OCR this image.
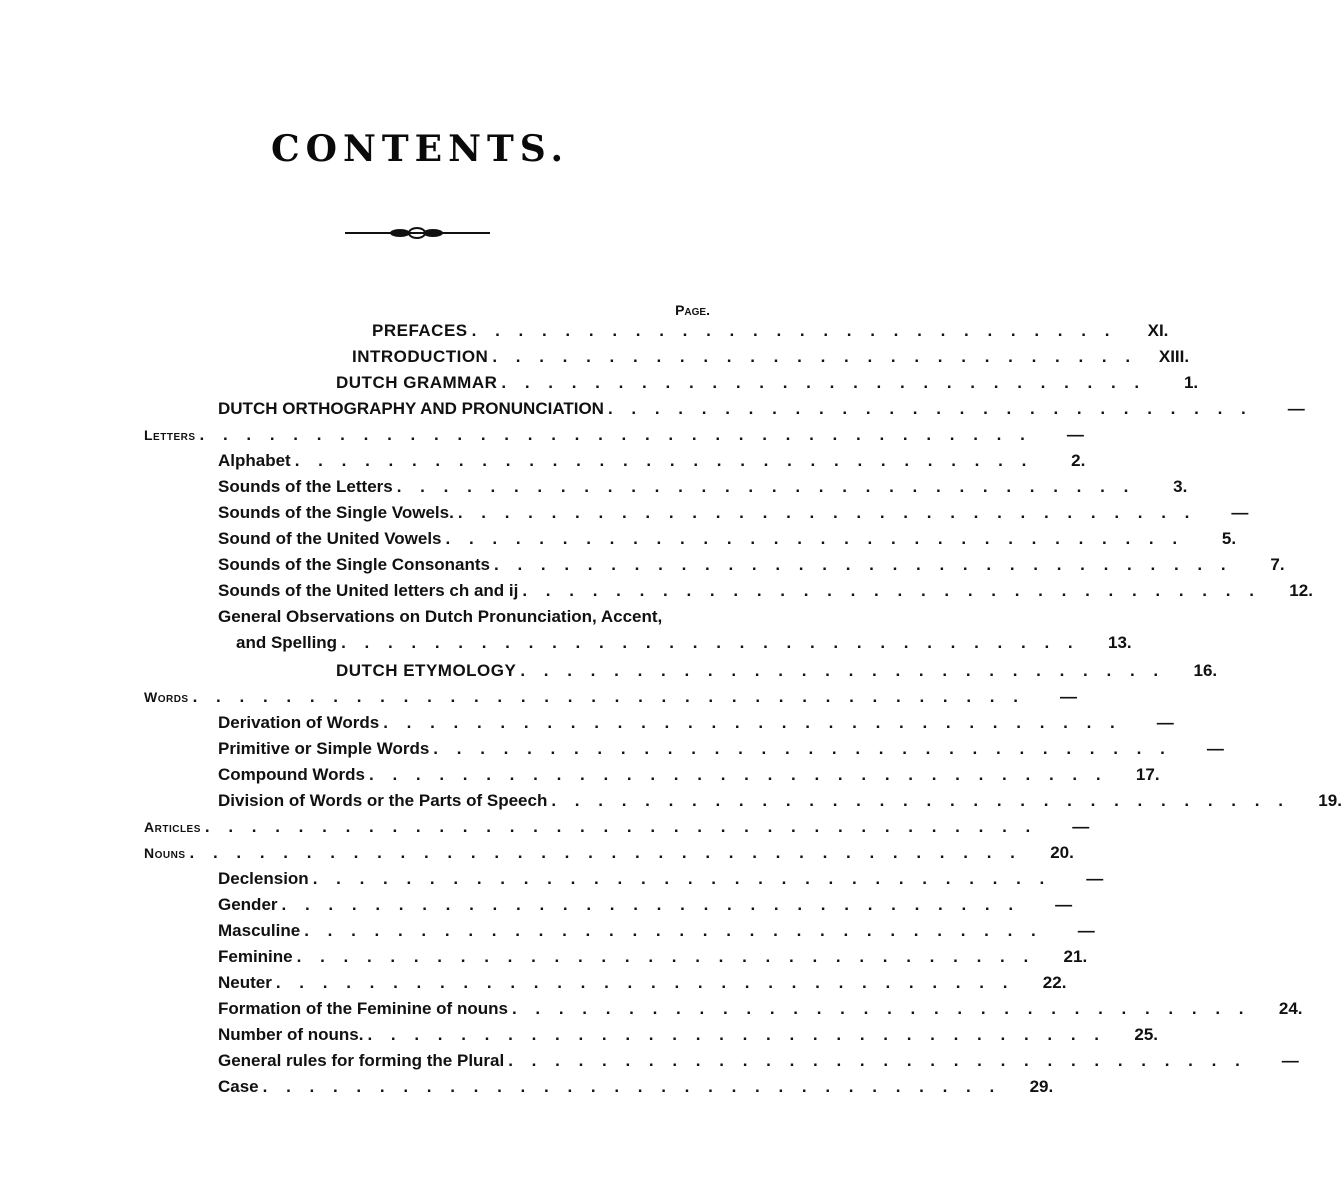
CONTENTS.
Page.
PREFACES . . . . . . . . . . . . . . . . . . . . . . . . . . . .	XI.
INTRODUCTION . . . . . . . . . . . . . . . . . . . . . . . . . . . .	XIII.
DUTCH GRAMMAR . . . . . . . . . . . . . . . . . . . . . . . . . . . .	1.
DUTCH ORTHOGRAPHY AND PRONUNCIATION . . . . . . . . . . . . . . . . . . . . . . . . . . . .	—
Letters . . . . . . . . . . . . . . . . . . . . . . . . . . . . . . . . . . . .	—
Alphabet . . . . . . . . . . . . . . . . . . . . . . . . . . . . . . . .	2.
Sounds of the Letters . . . . . . . . . . . . . . . . . . . . . . . . . . . . . . . .	3.
Sounds of the Single Vowels. . . . . . . . . . . . . . . . . . . . . . . . . . . . . . . . .	—
Sound of the United Vowels . . . . . . . . . . . . . . . . . . . . . . . . . . . . . . . .	5.
Sounds of the Single Consonants . . . . . . . . . . . . . . . . . . . . . . . . . . . . . . . .	7.
Sounds of the United letters ch and ij . . . . . . . . . . . . . . . . . . . . . . . . . . . . . . . .	12.
General Observations on Dutch Pronunciation, Accent,
and Spelling . . . . . . . . . . . . . . . . . . . . . . . . . . . . . . . .	13.
DUTCH ETYMOLOGY . . . . . . . . . . . . . . . . . . . . . . . . . . . .	16.
Words . . . . . . . . . . . . . . . . . . . . . . . . . . . . . . . . . . . .	—
Derivation of Words . . . . . . . . . . . . . . . . . . . . . . . . . . . . . . . .	—
Primitive or Simple Words . . . . . . . . . . . . . . . . . . . . . . . . . . . . . . . .	—
Compound Words . . . . . . . . . . . . . . . . . . . . . . . . . . . . . . . .	17.
Division of Words or the Parts of Speech . . . . . . . . . . . . . . . . . . . . . . . . . . . . . . . .	19.
Articles . . . . . . . . . . . . . . . . . . . . . . . . . . . . . . . . . . . .	—
Nouns . . . . . . . . . . . . . . . . . . . . . . . . . . . . . . . . . . . .	20.
Declension . . . . . . . . . . . . . . . . . . . . . . . . . . . . . . . .	—
Gender . . . . . . . . . . . . . . . . . . . . . . . . . . . . . . . .	—
Masculine . . . . . . . . . . . . . . . . . . . . . . . . . . . . . . . .	—
Feminine . . . . . . . . . . . . . . . . . . . . . . . . . . . . . . . .	21.
Neuter . . . . . . . . . . . . . . . . . . . . . . . . . . . . . . . .	22.
Formation of the Feminine of nouns . . . . . . . . . . . . . . . . . . . . . . . . . . . . . . . .	24.
Number of nouns. . . . . . . . . . . . . . . . . . . . . . . . . . . . . . . . .	25.
General rules for forming the Plural . . . . . . . . . . . . . . . . . . . . . . . . . . . . . . . .	—
Case . . . . . . . . . . . . . . . . . . . . . . . . . . . . . . . .	29.
